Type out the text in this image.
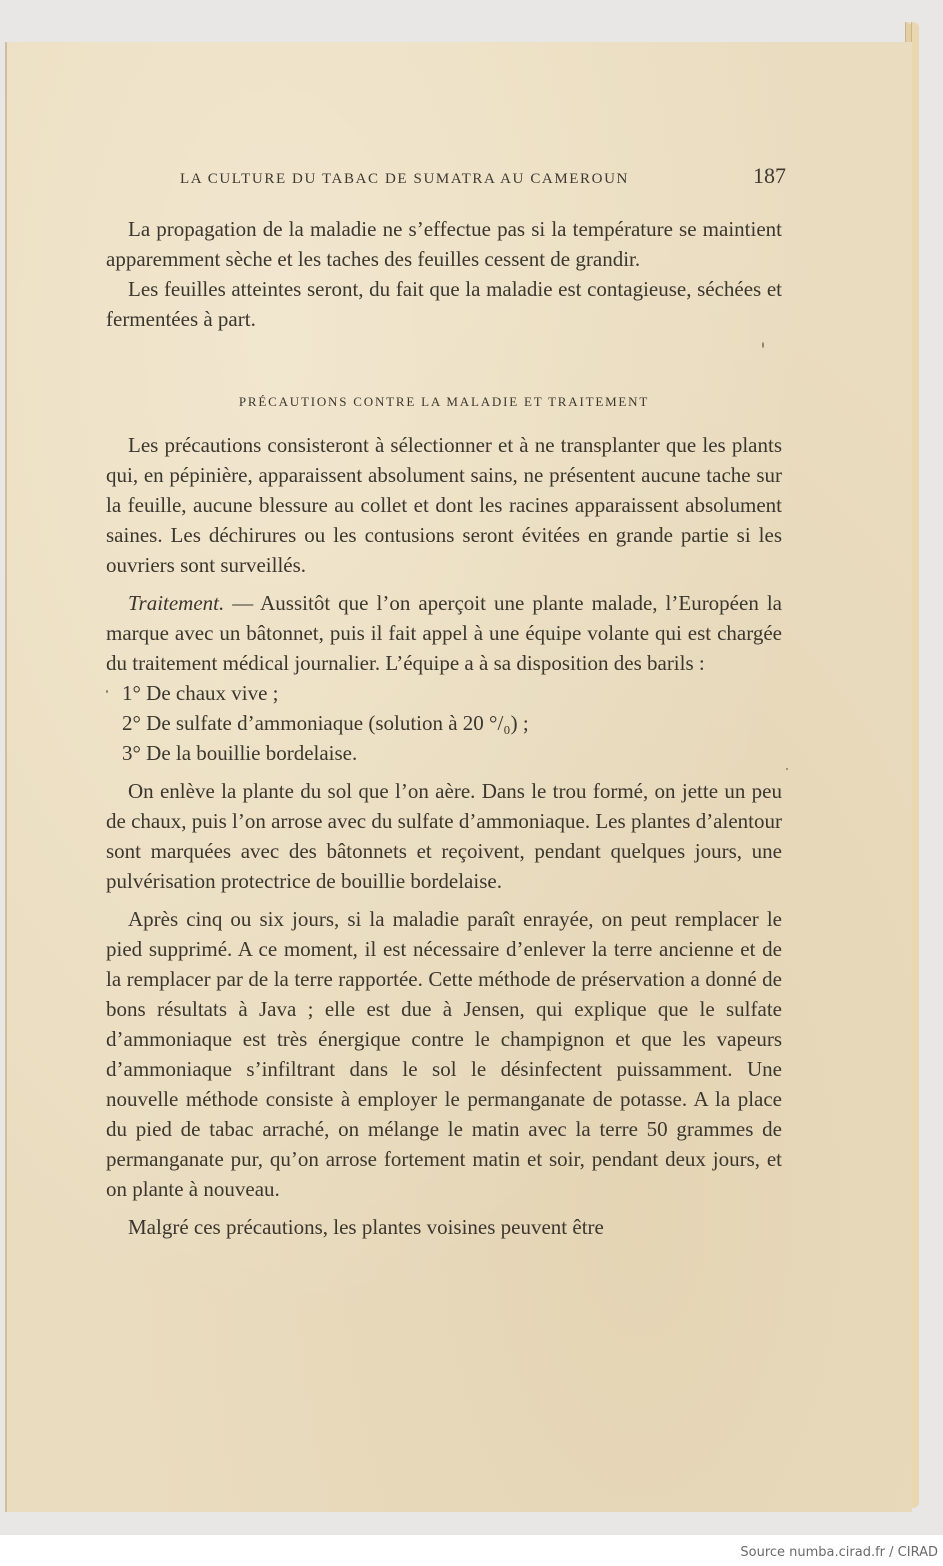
LA CULTURE DU TABAC DE SUMATRA AU CAMEROUN	187

La propagation de la maladie ne s’effectue pas si la température se maintient apparemment sèche et les taches des feuilles cessent de grandir.

Les feuilles atteintes seront, du fait que la maladie est contagieuse, séchées et fermentées à part.

PRÉCAUTIONS CONTRE LA MALADIE ET TRAITEMENT

Les précautions consisteront à sélectionner et à ne transplanter que les plants qui, en pépinière, apparaissent absolument sains, ne présentent aucune tache sur la feuille, aucune blessure au collet et dont les racines apparaissent absolument saines. Les déchirures ou les contusions seront évitées en grande partie si les ouvriers sont surveillés.

Traitement. — Aussitôt que l’on aperçoit une plante malade, l’Européen la marque avec un bâtonnet, puis il fait appel à une équipe volante qui est chargée du traitement médical journalier. L’équipe a à sa disposition des barils :

1° De chaux vive ;

2° De sulfate d’ammoniaque (solution à 20 °/₀) ;

3° De la bouillie bordelaise.

On enlève la plante du sol que l’on aère. Dans le trou formé, on jette un peu de chaux, puis l’on arrose avec du sulfate d’ammoniaque. Les plantes d’alentour sont marquées avec des bâtonnets et reçoivent, pendant quelques jours, une pulvérisation protectrice de bouillie bordelaise.

Après cinq ou six jours, si la maladie paraît enrayée, on peut remplacer le pied supprimé. A ce moment, il est nécessaire d’enlever la terre ancienne et de la remplacer par de la terre rapportée. Cette méthode de préservation a donné de bons résultats à Java ; elle est due à Jensen, qui explique que le sulfate d’ammoniaque est très énergique contre le champignon et que les vapeurs d’ammoniaque s’infiltrant dans le sol le désinfectent puissamment. Une nouvelle méthode consiste à employer le permanganate de potasse. A la place du pied de tabac arraché, on mélange le matin avec la terre 50 grammes de permanganate pur, qu’on arrose fortement matin et soir, pendant deux jours, et on plante à nouveau.

Malgré ces précautions, les plantes voisines peuvent être

Source numba.cirad.fr / CIRAD
